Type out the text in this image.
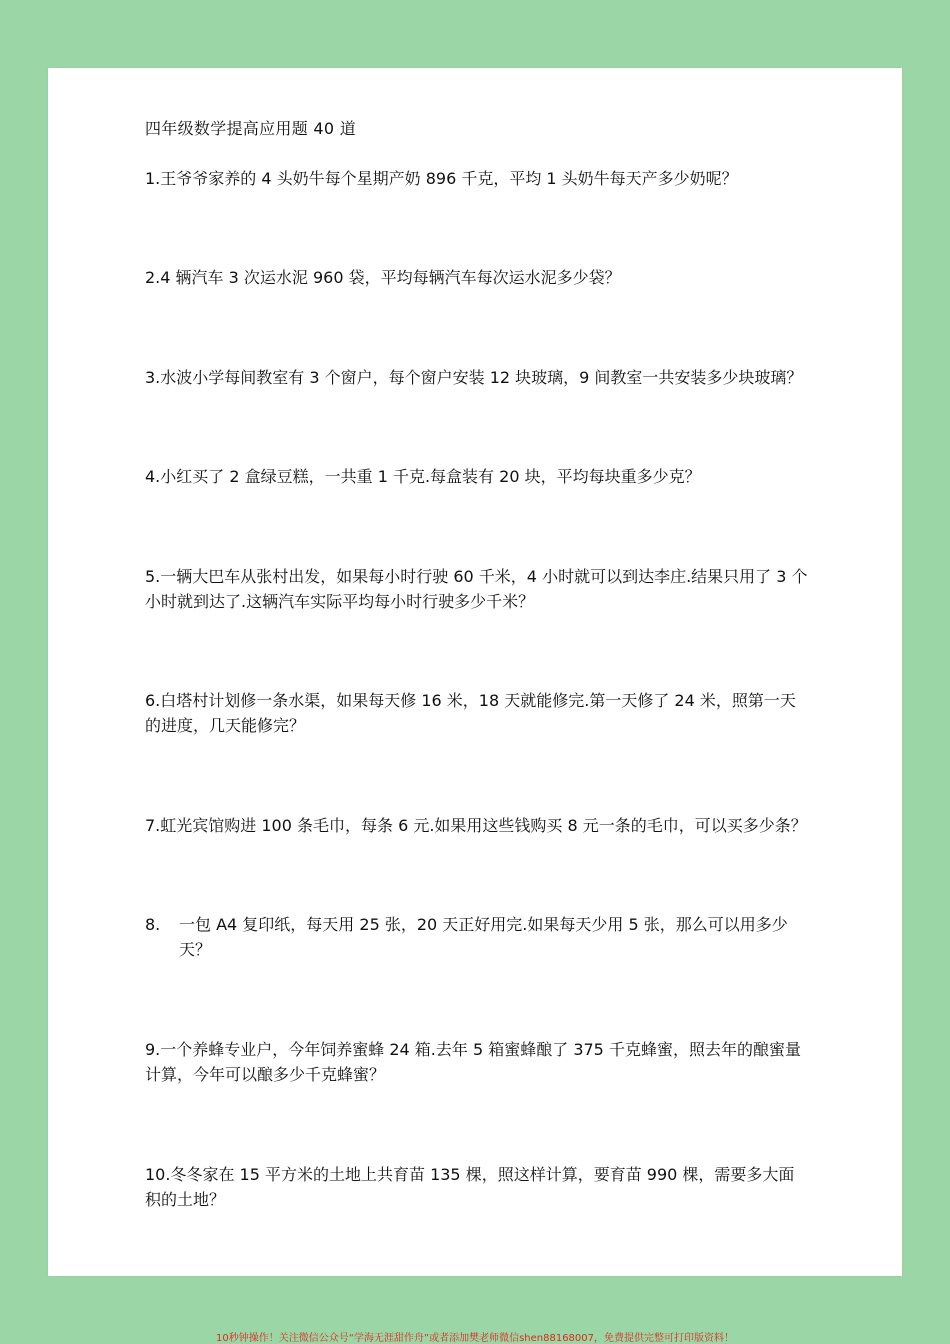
四年级数学提高应用题 40 道

1.王爷爷家养的 4 头奶牛每个星期产奶 896 千克，平均 1 头奶牛每天产多少奶呢？

2.4 辆汽车 3 次运水泥 960 袋，平均每辆汽车每次运水泥多少袋？

3.水波小学每间教室有 3 个窗户，每个窗户安装 12 块玻璃，9 间教室一共安装多少块玻璃？

4.小红买了 2 盒绿豆糕，一共重 1 千克.每盒装有 20 块，平均每块重多少克？

5.一辆大巴车从张村出发，如果每小时行驶 60 千米，4 小时就可以到达李庄.结果只用了 3 个小时就到达了.这辆汽车实际平均每小时行驶多少千米？

6.白塔村计划修一条水渠，如果每天修 16 米，18 天就能修完.第一天修了 24 米，照第一天的进度，几天能修完？

7.虹光宾馆购进 100 条毛巾，每条 6 元.如果用这些钱购买 8 元一条的毛巾，可以买多少条？

8.	一包 A4 复印纸，每天用 25 张，20 天正好用完.如果每天少用 5 张，那么可以用多少天？

9.一个养蜂专业户，今年饲养蜜蜂 24 箱.去年 5 箱蜜蜂酿了 375 千克蜂蜜，照去年的酿蜜量计算，今年可以酿多少千克蜂蜜？

10.冬冬家在 15 平方米的土地上共育苗 135 棵，照这样计算，要育苗 990 棵，需要多大面积的土地？

10秒钟操作！关注微信公众号“学海无涯甜作舟”或者添加樊老师微信shen88168007，免费提供完整可打印版资料！
